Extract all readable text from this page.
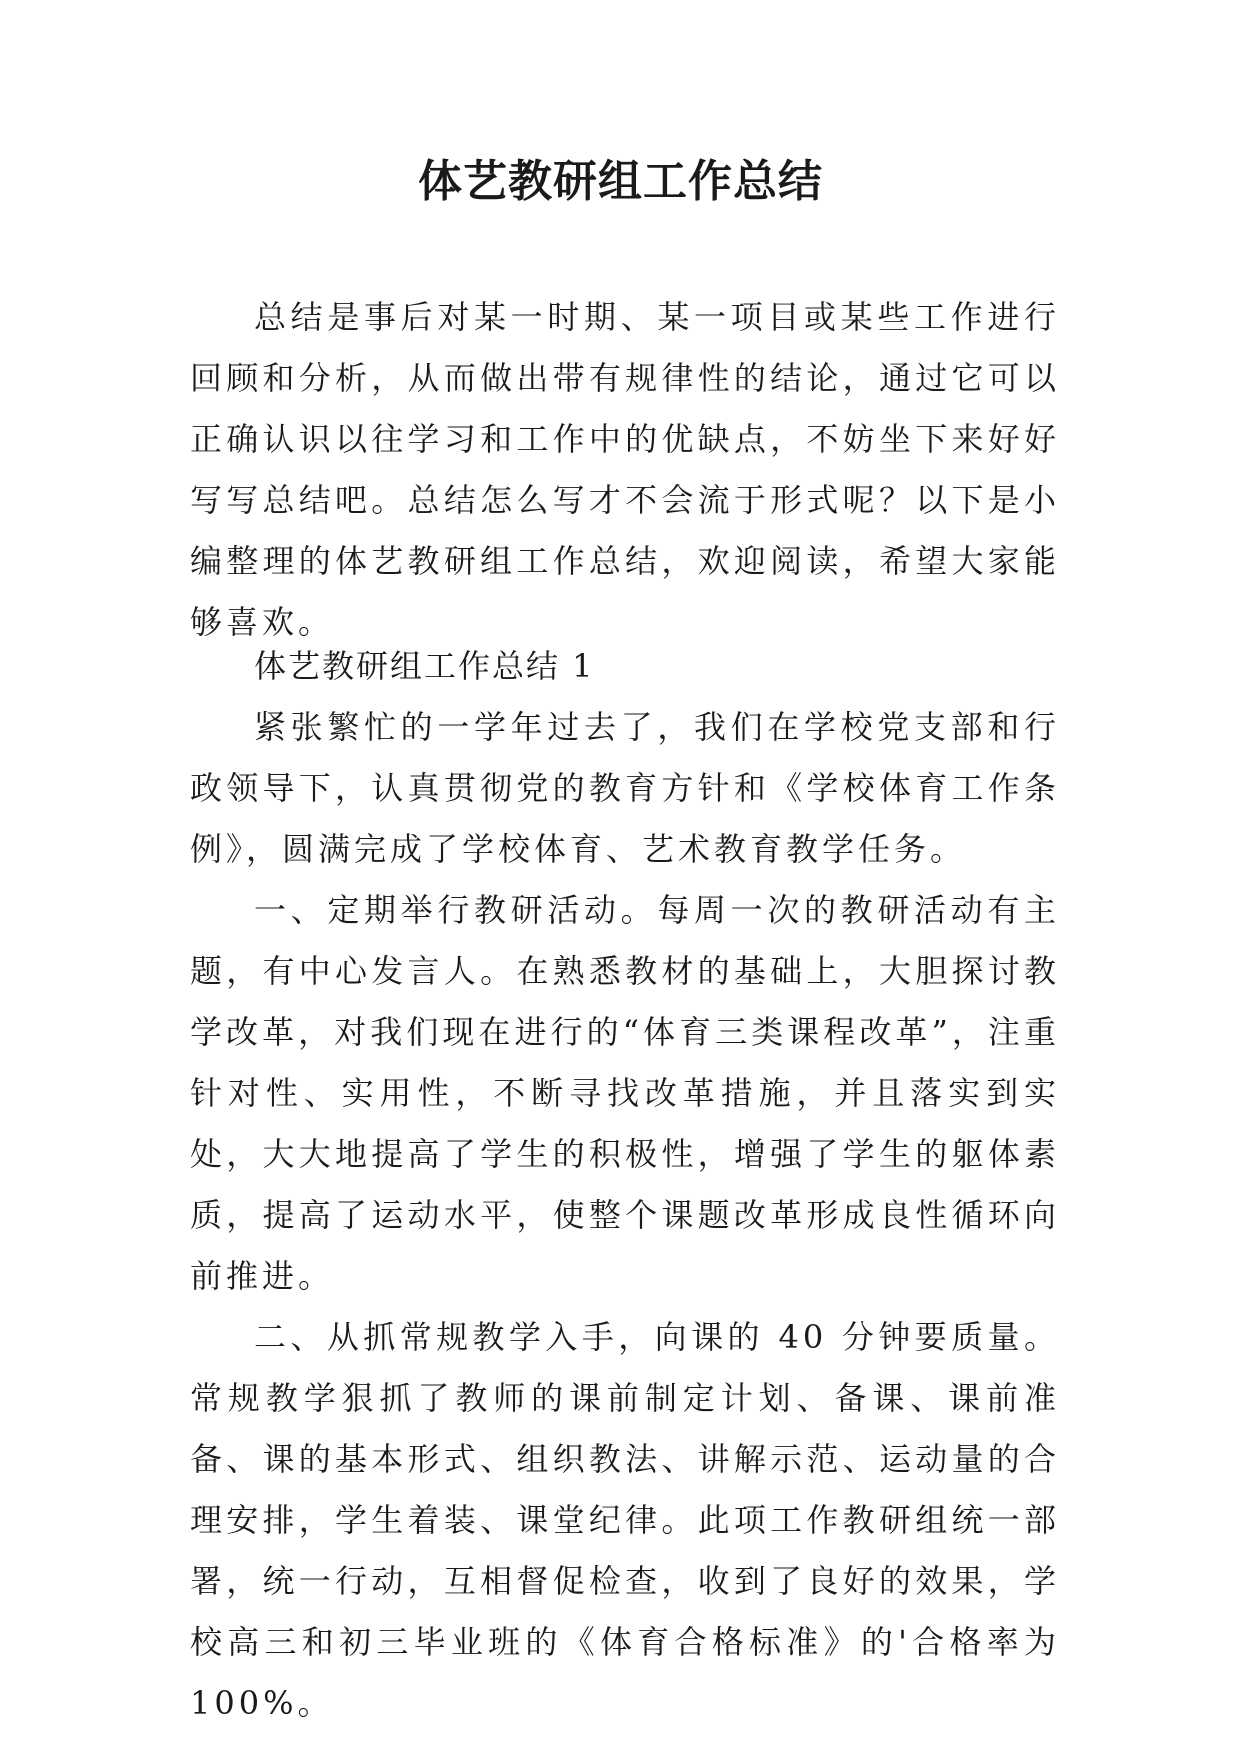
体艺教研组工作总结

总结是事后对某一时期、某一项目或某些工作进行回顾和分析，从而做出带有规律性的结论，通过它可以正确认识以往学习和工作中的优缺点，不妨坐下来好好写写总结吧。总结怎么写才不会流于形式呢？以下是小编整理的体艺教研组工作总结，欢迎阅读，希望大家能够喜欢。

体艺教研组工作总结 1

紧张繁忙的一学年过去了，我们在学校党支部和行政领导下，认真贯彻党的教育方针和《学校体育工作条例》，圆满完成了学校体育、艺术教育教学任务。

一、定期举行教研活动。每周一次的教研活动有主题，有中心发言人。在熟悉教材的基础上，大胆探讨教学改革，对我们现在进行的“体育三类课程改革”，注重针对性、实用性，不断寻找改革措施，并且落实到实处，大大地提高了学生的积极性，增强了学生的躯体素质，提高了运动水平，使整个课题改革形成良性循环向前推进。

二、从抓常规教学入手，向课的 40 分钟要质量。常规教学狠抓了教师的课前制定计划、备课、课前准备、课的基本形式、组织教法、讲解示范、运动量的合理安排，学生着装、课堂纪律。此项工作教研组统一部署，统一行动，互相督促检查，收到了良好的效果，学校高三和初三毕业班的《体育合格标准》的'合格率为 100%。
